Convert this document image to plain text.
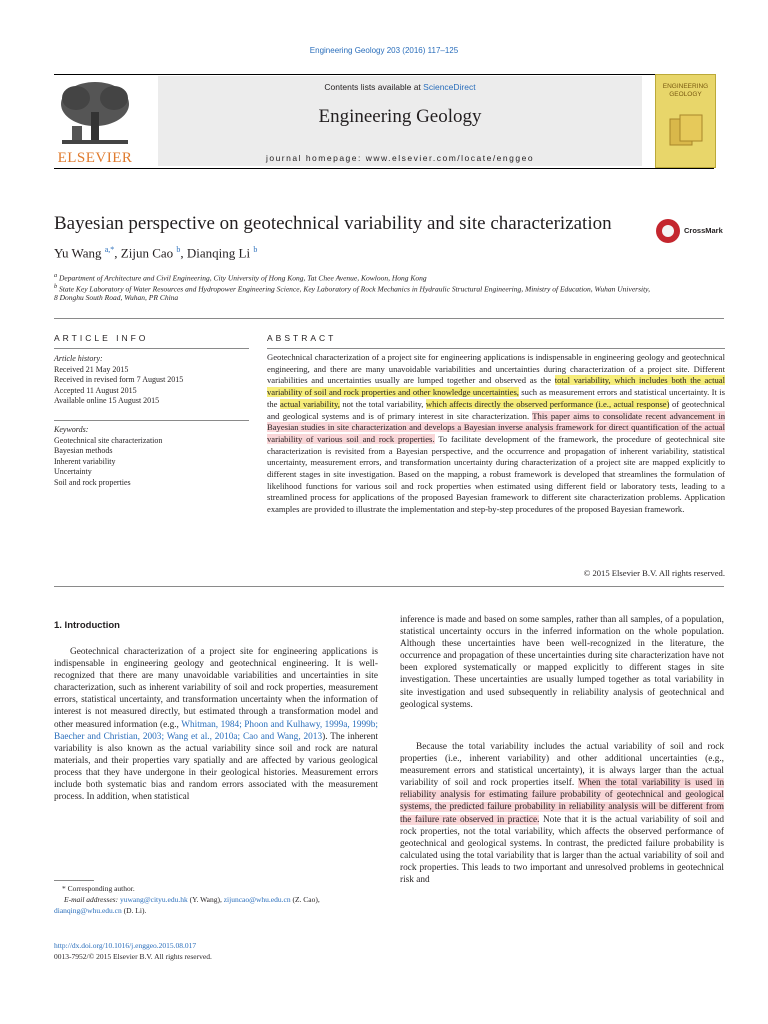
Engineering Geology 203 (2016) 117–125
Contents lists available at ScienceDirect
Engineering Geology
journal homepage: www.elsevier.com/locate/enggeo
ELSEVIER
ENGINEERING GEOLOGY
Bayesian perspective on geotechnical variability and site characterization	CrossMark
Yu Wang $^{a,*}$, Zijun Cao $^b$, Dianqing Li $^b$
$^a$ Department of Architecture and Civil Engineering, City University of Hong Kong, Tat Chee Avenue, Kowloon, Hong Kong
$^b$ State Key Laboratory of Water Resources and Hydropower Engineering Science, Key Laboratory of Rock Mechanics in Hydraulic Structural Engineering, Ministry of Education, Wuhan University,
8 Donghu South Road, Wuhan, PR China
ARTICLE INFO
Article history:
Received 21 May 2015
Received in revised form 7 August 2015
Accepted 11 August 2015
Available online 15 August 2015
Keywords:
Geotechnical site characterization
Bayesian methods
Inherent variability
Uncertainty
Soil and rock properties
ABSTRACT
Geotechnical characterization of a project site for engineering applications is indispensable in engineering geology and geotechnical engineering, and there are many unavoidable variabilities and uncertainties during characterization of a project site. Different variabilities and uncertainties usually are lumped together and observed as the total variability, which includes both the actual variability of soil and rock properties and other knowledge uncertainties, such as measurement errors and statistical uncertainty. It is the actual variability, not the total variability, which affects directly the observed performance (i.e., actual response) of geotechnical and geological systems and is of primary interest in site characterization. This paper aims to consolidate recent advancement in Bayesian studies in site characterization and develops a Bayesian inverse analysis framework for direct quantification of the actual variability of various soil and rock properties. To facilitate development of the framework, the procedure of geotechnical site characterization is revisited from a Bayesian perspective, and the occurrence and propagation of inherent variability, statistical uncertainty, measurement errors, and transformation uncertainty during characterization of a project site are mapped explicitly to different stages in site investigation. Based on the mapping, a robust framework is developed that streamlines the formulation of likelihood functions for various soil and rock properties when estimated using different field or laboratory tests, leading to a streamlined process for applications of the proposed Bayesian framework to different site characterization problems. Application examples are provided to illustrate the implementation and step-by-step procedures of the proposed Bayesian framework.
© 2015 Elsevier B.V. All rights reserved.
1. Introduction
Geotechnical characterization of a project site for engineering applications is indispensable in engineering geology and geotechnical engineering. It is well-recognized that there are many unavoidable variabilities and uncertainties in site characterization, such as inherent variability of soil and rock properties, measurement errors, statistical uncertainty, and transformation uncertainty when the information of interest is not measured directly, but estimated through a transformation model and other measured information (e.g., Whitman, 1984; Phoon and Kulhawy, 1999a, 1999b; Baecher and Christian, 2003; Wang et al., 2010a; Cao and Wang, 2013). The inherent variability is also known as the actual variability since soil and rock are natural materials, and their properties vary spatially and are affected by various geological process that they have undergone in their geological histories. Measurement errors include both systematic bias and random errors associated with the measurement process. In addition, when statistical
inference is made and based on some samples, rather than all samples, of a population, statistical uncertainty occurs in the inferred information on the whole population. Although these uncertainties have been well-recognized in the literature, the occurrence and propagation of these uncertainties during site characterization have not been explored systematically or mapped explicitly to different stages in site investigation. These uncertainties are usually lumped together as total variability in site investigation and used subsequently in reliability analysis of geotechnical and geological systems.
Because the total variability includes the actual variability of soil and rock properties (i.e., inherent variability) and other additional uncertainties (e.g., measurement errors and statistical uncertainty), it is always larger than the actual variability of soil and rock properties itself. When the total variability is used in reliability analysis for estimating failure probability of geotechnical and geological systems, the predicted failure probability in reliability analysis will be different from the failure rate observed in practice. Note that it is the actual variability of soil and rock properties, not the total variability, which affects the observed performance of geotechnical and geological systems. In contrast, the predicted failure probability is calculated using the total variability that is larger than the actual variability of soil and rock properties. This leads to two important and unresolved problems in geotechnical risk and
* Corresponding author.
E-mail addresses: yuwang@cityu.edu.hk (Y. Wang), zijuncao@whu.edu.cn (Z. Cao),
dianqing@whu.edu.cn (D. Li).
http://dx.doi.org/10.1016/j.enggeo.2015.08.017
0013-7952/© 2015 Elsevier B.V. All rights reserved.
